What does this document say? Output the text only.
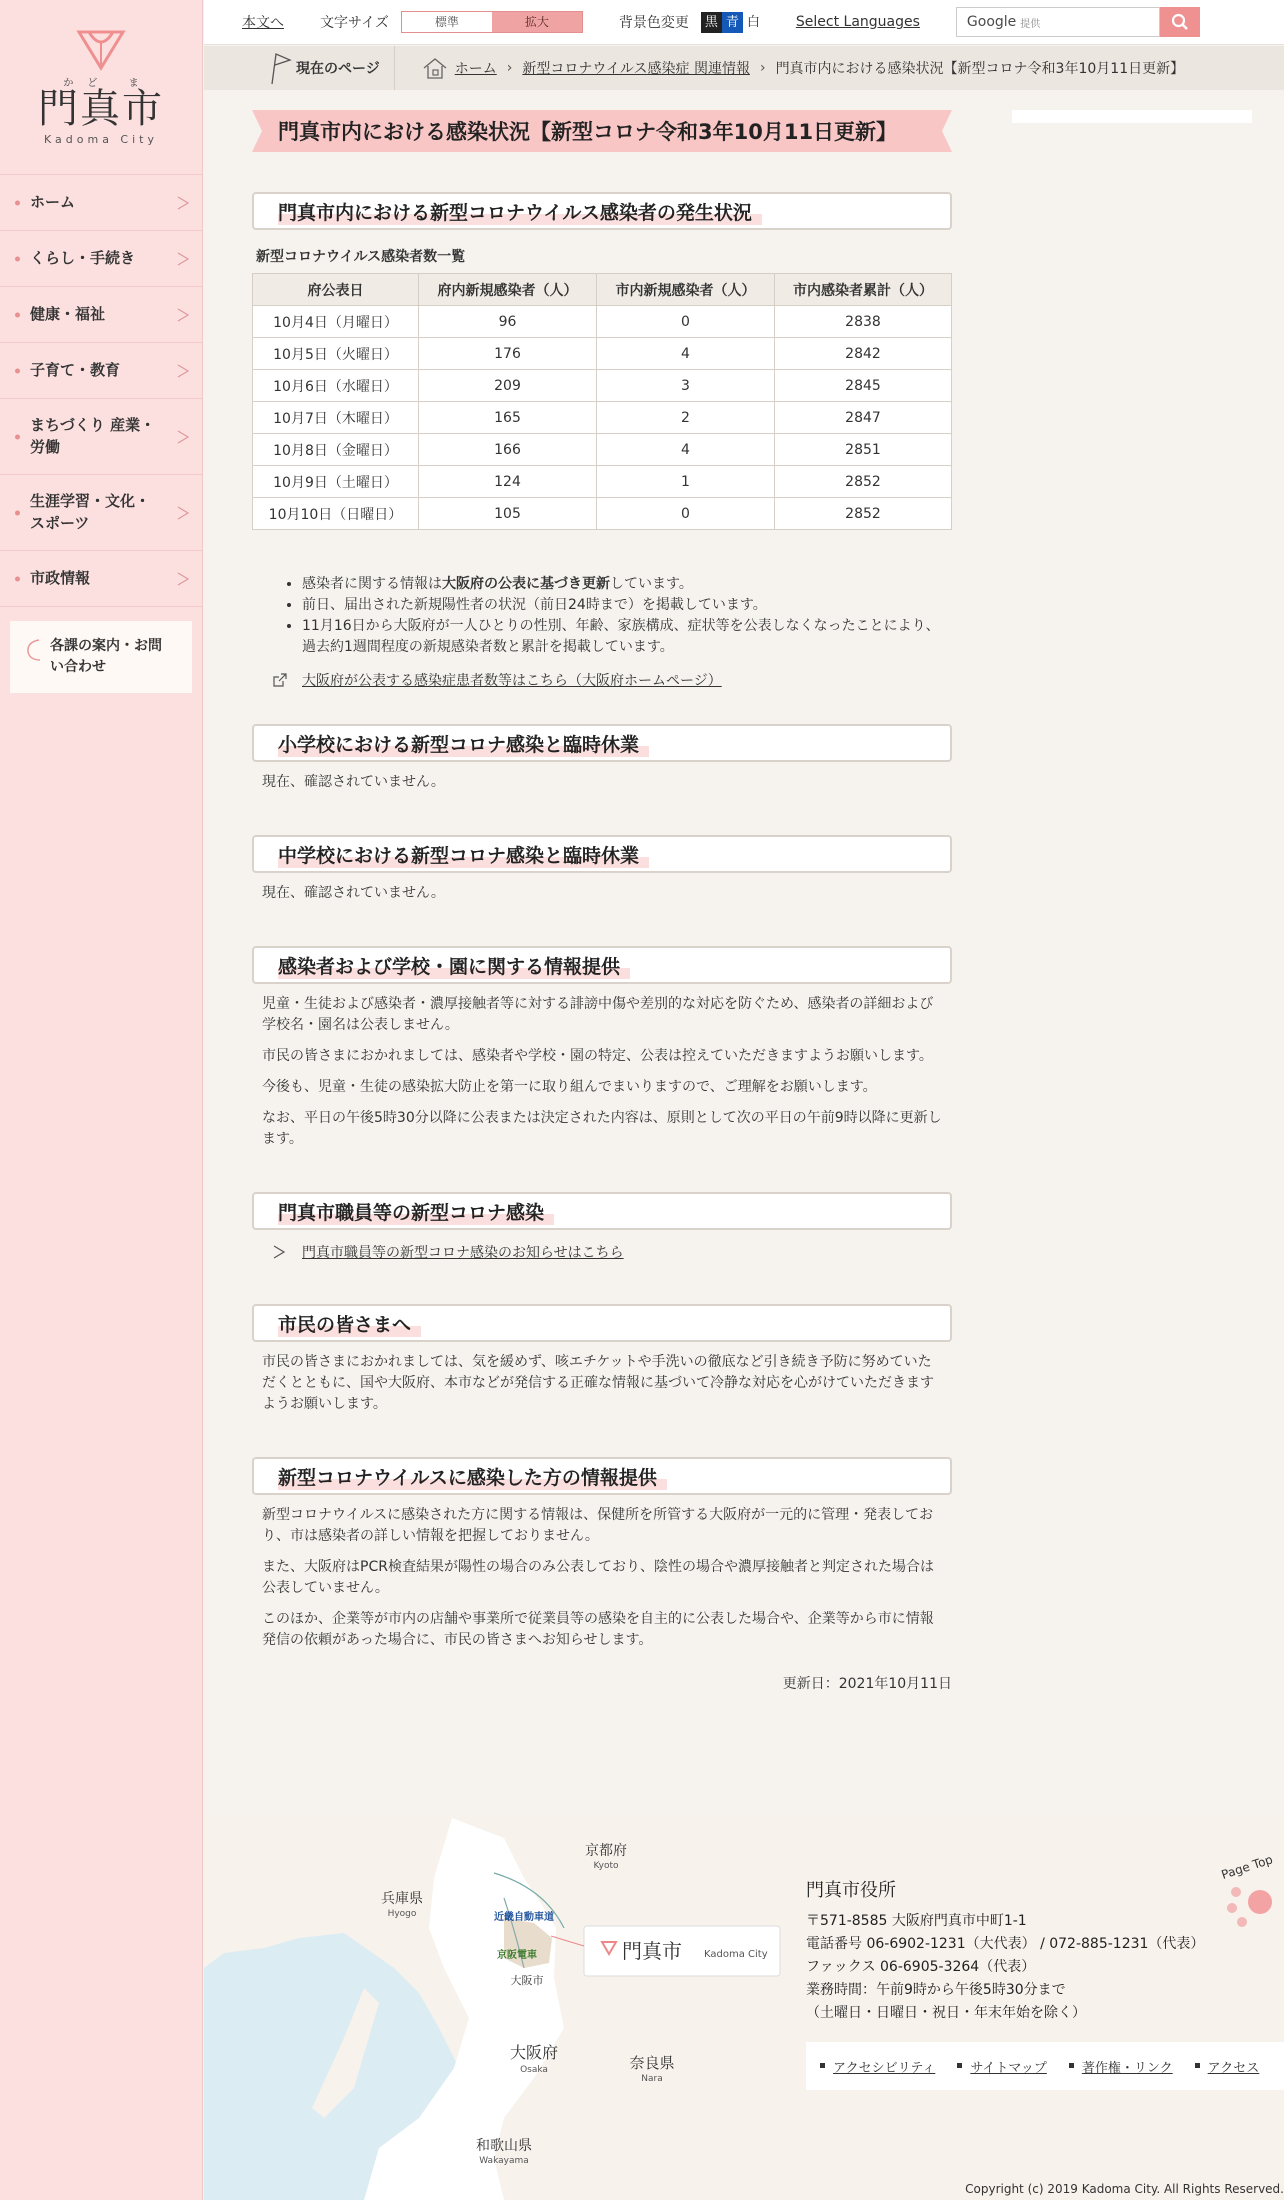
かど ま
門真市
Kadoma City
ホーム
くらし・手続き
健康・福祉
子育て・教育
まちづくり 産業・労働
生涯学習・文化・スポーツ
市政情報
各課の案内・お問い合わせ
本文へ	文字サイズ	標準	拡大	背景色変更	黒 青 白	Select Languages	Google 提供
現在のページ	ホーム › 新型コロナウイルス感染症 関連情報 › 門真市内における感染状況【新型コロナ令和3年10月11日更新】
門真市内における感染状況【新型コロナ令和3年10月11日更新】
門真市内における新型コロナウイルス感染者の発生状況
新型コロナウイルス感染者数一覧
府公表日	府内新規感染者（人）	市内新規感染者（人）	市内感染者累計（人）
10月4日（月曜日）	96	0	2838
10月5日（火曜日）	176	4	2842
10月6日（水曜日）	209	3	2845
10月7日（木曜日）	165	2	2847
10月8日（金曜日）	166	4	2851
10月9日（土曜日）	124	1	2852
10月10日（日曜日）	105	0	2852
• 感染者に関する情報は大阪府の公表に基づき更新しています。
• 前日、届出された新規陽性者の状況（前日24時まで）を掲載しています。
• 11月16日から大阪府が一人ひとりの性別、年齢、家族構成、症状等を公表しなくなったことにより、過去約1週間程度の新規感染者数と累計を掲載しています。
大阪府が公表する感染症患者数等はこちら（大阪府ホームページ）
小学校における新型コロナ感染と臨時休業

現在、確認されていません。

中学校における新型コロナ感染と臨時休業

現在、確認されていません。

感染者および学校・園に関する情報提供

児童・生徒および感染者・濃厚接触者等に対する誹謗中傷や差別的な対応を防ぐため、感染者の詳細および学校名・園名は公表しません。

市民の皆さまにおかれましては、感染者や学校・園の特定、公表は控えていただきますようお願いします。

今後も、児童・生徒の感染拡大防止を第一に取り組んでまいりますので、ご理解をお願いします。

なお、平日の午後5時30分以降に公表または決定された内容は、原則として次の平日の午前9時以降に更新します。

門真市職員等の新型コロナ感染
門真市職員等の新型コロナ感染のお知らせはこちら
市民の皆さまへ

市民の皆さまにおかれましては、気を緩めず、咳エチケットや手洗いの徹底など引き続き予防に努めていただくとともに、国や大阪府、本市などが発信する正確な情報に基づいて冷静な対応を心がけていただきますようお願いします。

新型コロナウイルスに感染した方の情報提供

新型コロナウイルスに感染された方に関する情報は、保健所を所管する大阪府が一元的に管理・発表しており、市は感染者の詳しい情報を把握しておりません。

また、大阪府はPCR検査結果が陽性の場合のみ公表しており、陰性の場合や濃厚接触者と判定された場合は公表していません。

このほか、企業等が市内の店舗や事業所で従業員等の感染を自主的に公表した場合や、企業等から市に情報発信の依頼があった場合に、市民の皆さまへお知らせします。

更新日：2021年10月11日
京都府
Kyoto
兵庫県
Hyogo	近畿自動車道
京阪電車
大阪市
大阪府
Osaka	奈良県
Nara
和歌山県
Wakayama
門真市 Kadoma City
門真市役所
〒571-8585 大阪府門真市中町1-1
電話番号 06-6902-1231（大代表） / 072-885-1231（代表）
ファックス 06-6905-3264（代表）
業務時間：午前9時から午後5時30分まで
（土曜日・日曜日・祝日・年末年始を除く）
アクセシビリティ	サイトマップ	著作権・リンク	アクセス
Page Top
Copyright (c) 2019 Kadoma City. All Rights Reserved.
